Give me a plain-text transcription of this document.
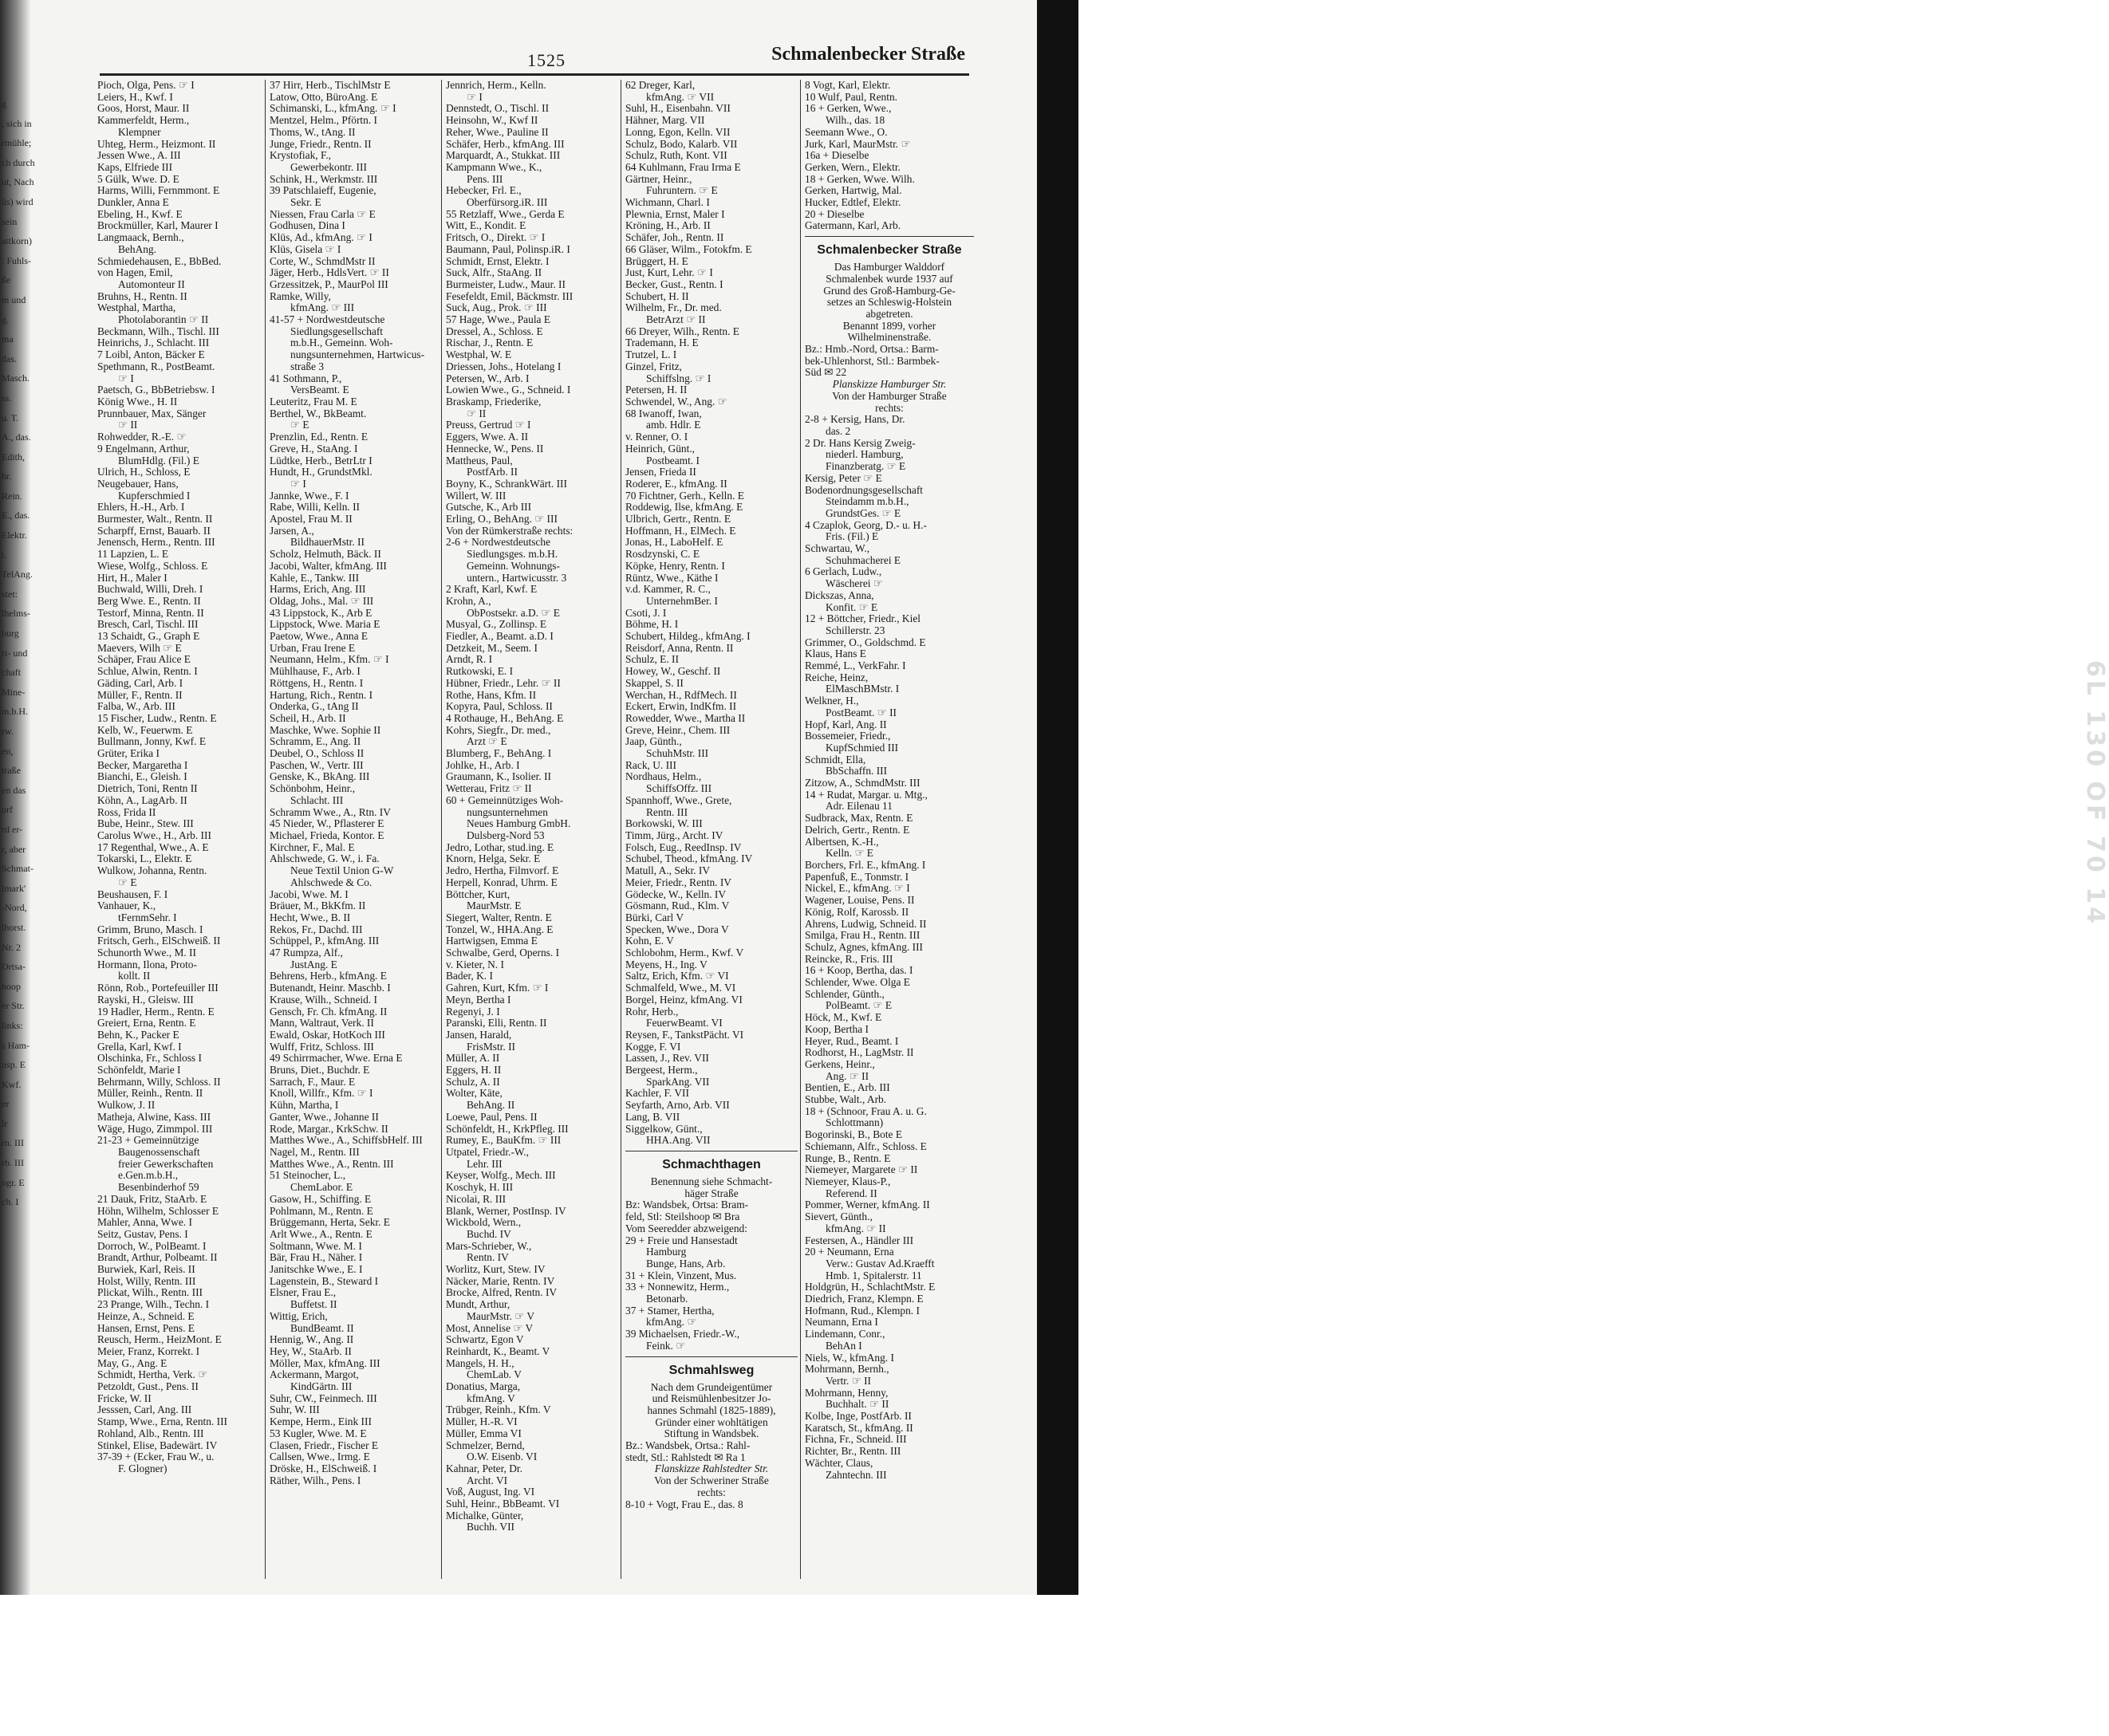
g
, sich in
rmühle;
ch durch
ut, Nach
üs) wird
sein
attkorn)
: Fuhls-
ße
m und
g.
ma
das.
Masch.
ss.
u. T.
A., das.
Edith,
hr.
Rein.
E., das.
Elektr.
t.
TelAng.
stet:
lhelms-
burg
ri- und
chaft
Mine-
m.b.H.
rw.
en,
traße
en das
orf
rd er-
r, aber
Schmat-
lmark'
-Nord,
lhorst.
Nr. 2
Ortsa-
hoop
er Str.
links:
s Ham-
nsp. E
Kwf.
er
lr
rn. III
rb. III
ogr. E
ch. I
1525	Schmalenbecker Straße
Pioch, Olga, Pens. ☞ I
Leiers, H., Kwf. I
Goos, Horst, Maur. II
Kammerfeldt, Herm.,
Klempner
Uhteg, Herm., Heizmont. II
Jessen Wwe., A. III
Kaps, Elfriede III
5 Gülk, Wwe. D. E
Harms, Willi, Fernmmont. E
Dunkler, Anna E
Ebeling, H., Kwf. E
Brockmüller, Karl, Maurer I
Langmaack, Bernh.,
BehAng.
Schmiedehausen, E., BbBed.
von Hagen, Emil,
Automonteur II
Bruhns, H., Rentn. II
Westphal, Martha,
Photolaborantin ☞ II
Beckmann, Wilh., Tischl. III
Heinrichs, J., Schlacht. III
7 Loibl, Anton, Bäcker E
Spethmann, R., PostBeamt.
☞ I
Paetsch, G., BbBetriebsw. I
König Wwe., H. II
Prunnbauer, Max, Sänger
☞ II
Rohwedder, R.-E. ☞
9 Engelmann, Arthur,
BlumHdlg. (Fil.) E
Ulrich, H., Schloss, E
Neugebauer, Hans,
Kupferschmied I
Ehlers, H.-H., Arb. I
Burmester, Walt., Rentn. II
Scharpff, Ernst, Bauarb. II
Jenensch, Herm., Rentn. III
11 Lapzien, L. E
Wiese, Wolfg., Schloss. E
Hirt, H., Maler I
Buchwald, Willi, Dreh. I
Berg Wwe. E., Rentn. II
Testorf, Minna, Rentn. II
Bresch, Carl, Tischl. III
13 Schaidt, G., Graph E
Maevers, Wilh ☞ E
Schäper, Frau Alice E
Schlue, Alwin, Rentn. I
Gäding, Carl, Arb. I
Müller, F., Rentn. II
Falba, W., Arb. III
15 Fischer, Ludw., Rentn. E
Kelb, W., Feuerwm. E
Bullmann, Jonny, Kwf. E
Grüter, Erika I
Becker, Margaretha I
Bianchi, E., Gleish. I
Dietrich, Toni, Rentn II
Köhn, A., LagArb. II
Ross, Frida II
Bube, Heinr., Stew. III
Carolus Wwe., H., Arb. III
17 Regenthal, Wwe., A. E
Tokarski, L., Elektr. E
Wulkow, Johanna, Rentn.
☞ E
Beushausen, F. I
Vanhauer, K.,
tFernmSehr. I
Grimm, Bruno, Masch. I
Fritsch, Gerh., ElSchweiß. II
Schunorth Wwe., M. II
Hormann, Ilona, Proto-
kollt. II
Rönn, Rob., Portefeuiller III
Rayski, H., Gleisw. III
19 Hadler, Herm., Rentn. E
Greiert, Erna, Rentn. E
Behn, K., Packer E
Grella, Karl, Kwf. I
Olschinka, Fr., Schloss I
Schönfeldt, Marie I
Behrmann, Willy, Schloss. II
Müller, Reinh., Rentn. II
Wulkow, J. II
Matheja, Alwine, Kass. III
Wäge, Hugo, Zimmpol. III
21-23 + Gemeinnützige
Baugenossenschaft
freier Gewerkschaften
e.Gen.m.b.H.,
Besenbinderhof 59
21 Dauk, Fritz, StaArb. E
Höhn, Wilhelm, Schlosser E
Mahler, Anna, Wwe. I
Seitz, Gustav, Pens. I
Dorroch, W., PolBeamt. I
Brandt, Arthur, Polbeamt. II
Burwiek, Karl, Reis. II
Holst, Willy, Rentn. III
Plickat, Wilh., Rentn. III
23 Prange, Wilh., Techn. I
Heinze, A., Schneid. E
Hansen, Ernst, Pens. E
Reusch, Herm., HeizMont. E
Meier, Franz, Korrekt. I
May, G., Ang. E
Schmidt, Hertha, Verk. ☞
Petzoldt, Gust., Pens. II
Fricke, W. II
Jesssen, Carl, Ang. III
Stamp, Wwe., Erna, Rentn. III
Rohland, Alb., Rentn. III
Stinkel, Elise, Badewärt. IV
37-39 + (Ecker, Frau W., u.
F. Glogner)
37 Hirr, Herb., TischlMstr E
Latow, Otto, BüroAng. E
Schimanski, L., kfmAng. ☞ I
Mentzel, Helm., Pförtn. I
Thoms, W., tAng. II
Junge, Friedr., Rentn. II
Krystofiak, F.,
Gewerbekontr. III
Schink, H., Werkmstr. III
39 Patschlaieff, Eugenie,
Sekr. E
Niessen, Frau Carla ☞ E
Godhusen, Dina I
Klüs, Ad., kfmAng. ☞ I
Klüs, Gisela ☞ I
Corte, W., SchmdMstr II
Jäger, Herb., HdlsVert. ☞ II
Grzessitzek, P., MaurPol III
Ramke, Willy,
kfmAng. ☞ III
41-57 + Nordwestdeutsche
Siedlungsgesellschaft
m.b.H., Gemeinn. Woh-
nungsunternehmen, Hartwicus-
straße 3
41 Sothmann, P.,
VersBeamt. E
Leuteritz, Frau M. E
Berthel, W., BkBeamt.
☞ E
Prenzlin, Ed., Rentn. E
Greve, H., StaAng. I
Lüdtke, Herb., BetrLtr I
Hundt, H., GrundstMkl.
☞ I
Jannke, Wwe., F. I
Rabe, Willi, Kelln. II
Apostel, Frau M. II
Jarsen, A.,
BildhauerMstr. II
Scholz, Helmuth, Bäck. II
Jacobi, Walter, kfmAng. III
Kahle, E., Tankw. III
Harms, Erich, Ang. III
Oldag, Johs., Mal. ☞ III
43 Lippstock, K., Arb E
Lippstock, Wwe. Maria E
Paetow, Wwe., Anna E
Urban, Frau Irene E
Neumann, Helm., Kfm. ☞ I
Mühlhause, F., Arb. I
Röttgens, H., Rentn. I
Hartung, Rich., Rentn. I
Onderka, G., tAng II
Scheil, H., Arb. II
Maschke, Wwe. Sophie II
Schramm, E., Ang. II
Deubel, O., Schloss II
Paschen, W., Vertr. III
Genske, K., BkAng. III
Schönbohm, Heinr.,
Schlacht. III
Schramm Wwe., A., Rtn. IV
45 Nieder, W., Pflasterer E
Michael, Frieda, Kontor. E
Kirchner, F., Mal. E
Ahlschwede, G. W., i. Fa.
Neue Textil Union G-W
Ahlschwede & Co.
Jacobi, Wwe. M. I
Bräuer, M., BkKfm. II
Hecht, Wwe., B. II
Rekos, Fr., Dachd. III
Schüppel, P., kfmAng. III
47 Rumpza, Alf.,
JustAng. E
Behrens, Herb., kfmAng. E
Butenandt, Heinr. Maschb. I
Krause, Wilh., Schneid. I
Gensch, Fr. Ch. kfmAng. II
Mann, Waltraut, Verk. II
Ewald, Oskar, HotKoch III
Wulff, Fritz, Schloss. III
49 Schirrmacher, Wwe. Erna E
Bruns, Diet., Buchdr. E
Sarrach, F., Maur. E
Knoll, Willfr., Kfm. ☞ I
Kühn, Martha, I
Ganter, Wwe., Johanne II
Rode, Margar., KrkSchw. II
Matthes Wwe., A., SchiffsbHelf. III
Nagel, M., Rentn. III
Matthes Wwe., A., Rentn. III
51 Steinocher, L.,
ChemLabor. E
Gasow, H., Schiffing. E
Pohlmann, M., Rentn. E
Brüggemann, Herta, Sekr. E
Arlt Wwe., A., Rentn. E
Soltmann, Wwe. M. I
Bär, Frau H., Näher. I
Janitschke Wwe., E. I
Lagenstein, B., Steward I
Elsner, Frau E.,
Buffetst. II
Wittig, Erich,
BundBeamt. II
Hennig, W., Ang. II
Hey, W., StaArb. II
Möller, Max, kfmAng. III
Ackermann, Margot,
KindGärtn. III
Suhr, CW., Feinmech. III
Suhr, W. III
Kempe, Herm., Eink III
53 Kugler, Wwe. M. E
Clasen, Friedr., Fischer E
Callsen, Wwe., Irmg. E
Dröske, H., ElSchweiß. I
Räther, Wilh., Pens. I
Jennrich, Herm., Kelln.
☞ I
Dennstedt, O., Tischl. II
Heinsohn, W., Kwf II
Reher, Wwe., Pauline II
Schäfer, Herb., kfmAng. III
Marquardt, A., Stukkat. III
Kampmann Wwe., K.,
Pens. III
Hebecker, Frl. E.,
Oberfürsorg.iR. III
55 Retzlaff, Wwe., Gerda E
Witt, E., Kondit. E
Fritsch, O., Direkt. ☞ I
Baumann, Paul, Polinsp.iR. I
Schmidt, Ernst, Elektr. I
Suck, Alfr., StaAng. II
Burmeister, Ludw., Maur. II
Fesefeldt, Emil, Bäckmstr. III
Suck, Aug., Prok. ☞ III
57 Hage, Wwe., Paula E
Dressel, A., Schloss. E
Rischar, J., Rentn. E
Westphal, W. E
Driessen, Johs., Hotelang I
Petersen, W., Arb. I
Lowien Wwe., G., Schneid. I
Braskamp, Friederike,
☞ II
Preuss, Gertrud ☞ I
Eggers, Wwe. A. II
Hennecke, W., Pens. II
Mattheus, Paul,
PostfArb. II
Boyny, K., SchrankWärt. III
Willert, W. III
Gutsche, K., Arb III
Erling, O., BehAng. ☞ III
Von der Rümkerstraße rechts:
2-6 + Nordwestdeutsche
Siedlungsges. m.b.H.
Gemeinn. Wohnungs-
untern., Hartwicusstr. 3
2 Kraft, Karl, Kwf. E
Krohn, A.,
ObPostsekr. a.D. ☞ E
Musyal, G., Zollinsp. E
Fiedler, A., Beamt. a.D. I
Detzkeit, M., Seem. I
Arndt, R. I
Rutkowski, E. I
Hübner, Friedr., Lehr. ☞ II
Rothe, Hans, Kfm. II
Kopyra, Paul, Schloss. II
4 Rothauge, H., BehAng. E
Kohrs, Siegfr., Dr. med.,
Arzt ☞ E
Blumberg, F., BehAng. I
Johlke, H., Arb. I
Graumann, K., Isolier. II
Wetterau, Fritz ☞ II
60 + Gemeinnütziges Woh-
nungsunternehmen
Neues Hamburg GmbH.
Dulsberg-Nord 53
Jedro, Lothar, stud.ing. E
Knorn, Helga, Sekr. E
Jedro, Hertha, Filmvorf. E
Herpell, Konrad, Uhrm. E
Böttcher, Kurt,
MaurMstr. E
Siegert, Walter, Rentn. E
Tonzel, W., HHA.Ang. E
Hartwigsen, Emma E
Schwalbe, Gerd, Operns. I
v. Kieter, N. I
Bader, K. I
Gahren, Kurt, Kfm. ☞ I
Meyn, Bertha I
Regenyi, J. I
Paranski, Elli, Rentn. II
Jansen, Harald,
FrisMstr. II
Müller, A. II
Eggers, H. II
Schulz, A. II
Wolter, Käte,
BehAng. II
Loewe, Paul, Pens. II
Schönfeldt, H., KrkPfleg. III
Rumey, E., BauKfm. ☞ III
Utpatel, Friedr.-W.,
Lehr. III
Keyser, Wolfg., Mech. III
Koschyk, H. III
Nicolai, R. III
Blank, Werner, PostInsp. IV
Wickbold, Wern.,
Buchd. IV
Mars-Schrieber, W.,
Rentn. IV
Worlitz, Kurt, Stew. IV
Näcker, Marie, Rentn. IV
Brocke, Alfred, Rentn. IV
Mundt, Arthur,
MaurMstr. ☞ V
Most, Annelise ☞ V
Schwartz, Egon V
Reinhardt, K., Beamt. V
Mangels, H. H.,
ChemLab. V
Donatius, Marga,
kfmAng. V
Trübger, Reinh., Kfm. V
Müller, H.-R. VI
Müller, Emma VI
Schmelzer, Bernd,
O.W. Eisenb. VI
Kahnar, Peter, Dr.
Archt. VI
Voß, August, Ing. VI
Suhl, Heinr., BbBeamt. VI
Michalke, Günter,
Buchh. VII
62 Dreger, Karl,
kfmAng. ☞ VII
Suhl, H., Eisenbahn. VII
Hähner, Marg. VII
Lonng, Egon, Kelln. VII
Schulz, Bodo, Kalarb. VII
Schulz, Ruth, Kont. VII
64 Kuhlmann, Frau Irma E
Gärtner, Heinr.,
Fuhruntern. ☞ E
Wichmann, Charl. I
Plewnia, Ernst, Maler I
Kröning, H., Arb. II
Schäfer, Joh., Rentn. II
66 Gläser, Wilm., Fotokfm. E
Brüggert, H. E
Just, Kurt, Lehr. ☞ I
Becker, Gust., Rentn. I
Schubert, H. II
Wilhelm, Fr., Dr. med.
BetrArzt ☞ II
66 Dreyer, Wilh., Rentn. E
Trademann, H. E
Trutzel, L. I
Ginzel, Fritz,
Schiffslng. ☞ I
Petersen, H. II
Schwendel, W., Ang. ☞
68 Iwanoff, Iwan,
amb. Hdlr. E
v. Renner, O. I
Heinrich, Günt.,
Postbeamt. I
Jensen, Frieda II
Roderer, E., kfmAng. II
70 Fichtner, Gerh., Kelln. E
Roddewig, Ilse, kfmAng. E
Ulbrich, Gertr., Rentn. E
Hoffmann, H., ElMech. E
Jonas, H., LaboHelf. E
Rosdzynski, C. E
Köpke, Henry, Rentn. I
Rüntz, Wwe., Käthe I
v.d. Kammer, R. C.,
UnternehmBer. I
Csoti, J. I
Böhme, H. I
Schubert, Hildeg., kfmAng. I
Reisdorf, Anna, Rentn. II
Schulz, E. II
Howey, W., Geschf. II
Skappel, S. II
Werchan, H., RdfMech. II
Eckert, Erwin, IndKfm. II
Rowedder, Wwe., Martha II
Greve, Heinr., Chem. III
Jaap, Günth.,
SchuhMstr. III
Rack, U. III
Nordhaus, Helm.,
SchiffsOffz. III
Spannhoff, Wwe., Grete,
Rentn. III
Borkowski, W. III
Timm, Jürg., Archt. IV
Folsch, Eug., ReedInsp. IV
Schubel, Theod., kfmAng. IV
Matull, A., Sekr. IV
Meier, Friedr., Rentn. IV
Gödecke, W., Kelln. IV
Gösmann, Rud., Klm. V
Bürki, Carl V
Specken, Wwe., Dora V
Kohn, E. V
Schlobohm, Herm., Kwf. V
Meyens, H., Ing. V
Saltz, Erich, Kfm. ☞ VI
Schmalfeld, Wwe., M. VI
Borgel, Heinz, kfmAng. VI
Rohr, Herb.,
FeuerwBeamt. VI
Reysen, F., TankstPächt. VI
Kogge, F. VI
Lassen, J., Rev. VII
Bergeest, Herm.,
SparkAng. VII
Kachler, F. VII
Seyfarth, Arno, Arb. VII
Lang, B. VII
Siggelkow, Günt.,
HHA.Ang. VII
Schmachthagen
Benennung siehe Schmacht-
häger Straße
Bz: Wandsbek, Ortsa: Bram-
feld, Stl: Steilshoop ✉ Bra
Vom Seeredder abzweigend:
29 + Freie und Hansestadt
Hamburg
Bunge, Hans, Arb.
31 + Klein, Vinzent, Mus.
33 + Nonnewitz, Herm.,
Betonarb.
37 + Stamer, Hertha,
kfmAng. ☞
39 Michaelsen, Friedr.-W.,
Feink. ☞
Schmahlsweg
Nach dem Grundeigentümer
und Reismühlenbesitzer Jo-
hannes Schmahl (1825-1889),
Gründer einer wohltätigen
Stiftung in Wandsbek.
Bz.: Wandsbek, Ortsa.: Rahl-
stedt, Stl.: Rahlstedt ✉ Ra 1
Flanskizze Rahlstedter Str.
Von der Schweriner Straße
rechts:
8-10 + Vogt, Frau E., das. 8
8 Vogt, Karl, Elektr.
10 Wulf, Paul, Rentn.
16 + Gerken, Wwe.,
Wilh., das. 18
Seemann Wwe., O.
Jurk, Karl, MaurMstr. ☞
16a + Dieselbe
Gerken, Wern., Elektr.
18 + Gerken, Wwe. Wilh.
Gerken, Hartwig, Mal.
Hucker, Edtlef, Elektr.
20 + Dieselbe
Gatermann, Karl, Arb.
Schmalenbecker Straße
Das Hamburger Walddorf
Schmalenbek wurde 1937 auf
Grund des Groß-Hamburg-Ge-
setzes an Schleswig-Holstein
abgetreten.
Benannt 1899, vorher
Wilhelminenstraße.
Bz.: Hmb.-Nord, Ortsa.: Barm-
bek-Uhlenhorst, Stl.: Barmbek-
Süd ✉ 22
Planskizze Hamburger Str.
Von der Hamburger Straße
rechts:
2-8 + Kersig, Hans, Dr.
das. 2
2 Dr. Hans Kersig Zweig-
niederl. Hamburg,
Finanzberatg. ☞ E
Kersig, Peter ☞ E
Bodenordnungsgesellschaft
Steindamm m.b.H.,
GrundstGes. ☞ E
4 Czaplok, Georg, D.- u. H.-
Fris. (Fil.) E
Schwartau, W.,
Schuhmacherei E
6 Gerlach, Ludw.,
Wäscherei ☞
Dickszas, Anna,
Konfit. ☞ E
12 + Böttcher, Friedr., Kiel
Schillerstr. 23
Grimmer, O., Goldschmd. E
Klaus, Hans E
Remmé, L., VerkFahr. I
Reiche, Heinz,
ElMaschBMstr. I
Welkner, H.,
PostBeamt. ☞ II
Hopf, Karl, Ang. II
Bossemeier, Friedr.,
KupfSchmied III
Schmidt, Ella,
BbSchaffn. III
Zitzow, A., SchmdMstr. III
14 + Rudat, Margar. u. Mtg.,
Adr. Eilenau 11
Sudbrack, Max, Rentn. E
Delrich, Gertr., Rentn. E
Albertsen, K.-H.,
Kelln. ☞ E
Borchers, Frl. E., kfmAng. I
Papenfuß, E., Tonmstr. I
Nickel, E., kfmAng. ☞ I
Wagener, Louise, Pens. II
König, Rolf, Karossb. II
Ahrens, Ludwig, Schneid. II
Smilga, Frau H., Rentn. III
Schulz, Agnes, kfmAng. III
Reincke, R., Fris. III
16 + Koop, Bertha, das. I
Schlender, Wwe. Olga E
Schlender, Günth.,
PolBeamt. ☞ E
Höck, M., Kwf. E
Koop, Bertha I
Heyer, Rud., Beamt. I
Rodhorst, H., LagMstr. II
Gerkens, Heinr.,
Ang. ☞ II
Bentien, E., Arb. III
Stubbe, Walt., Arb.
18 + (Schnoor, Frau A. u. G.
Schlottmann)
Bogorinski, B., Bote E
Schiemann, Alfr., Schloss. E
Runge, B., Rentn. E
Niemeyer, Margarete ☞ II
Niemeyer, Klaus-P.,
Referend. II
Pommer, Werner, kfmAng. II
Sievert, Günth.,
kfmAng. ☞ II
Festersen, A., Händler III
20 + Neumann, Erna
Verw.: Gustav Ad.Kraefft
Hmb. 1, Spitalerstr. 11
Holdgrün, H., SchlachtMstr. E
Diedrich, Franz, Klempn. E
Hofmann, Rud., Klempn. I
Neumann, Erna I
Lindemann, Conr.,
BehAn I
Niels, W., kfmAng. I
Mohrmann, Bernh.,
Vertr. ☞ II
Mohrmann, Henny,
Buchhalt. ☞ II
Kolbe, Inge, PostfArb. II
Karatsch, St., kfmAng. II
Fichna, Fr., Schneid. III
Richter, Br., Rentn. III
Wächter, Claus,
Zahntechn. III
6L 130 OF 70 14
